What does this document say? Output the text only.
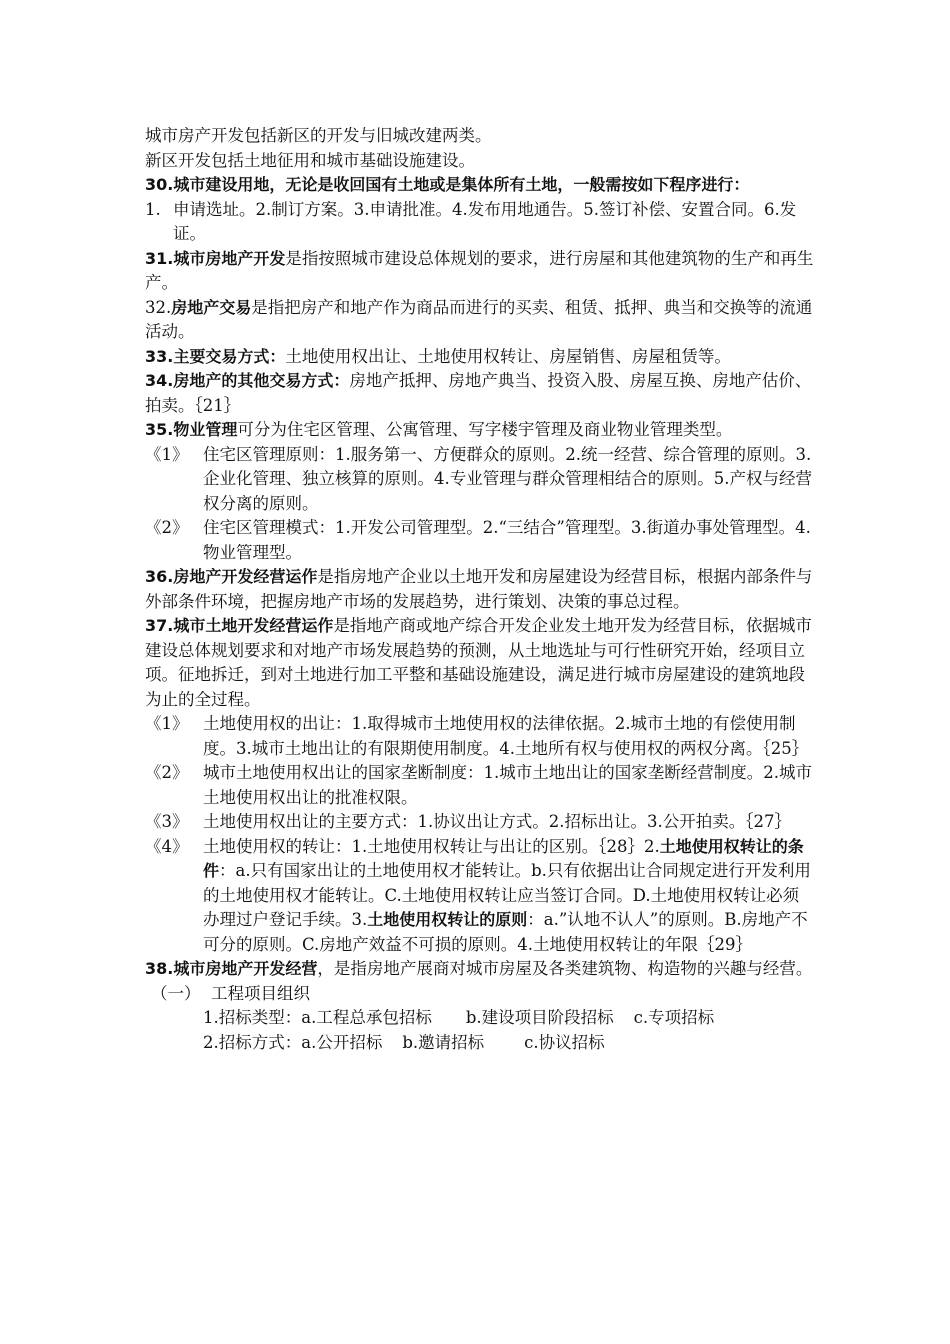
城市房产开发包括新区的开发与旧城改建两类。

新区开发包括土地征用和城市基础设施建设。

30.城市建设用地，无论是收回国有土地或是集体所有土地，一般需按如下程序进行：

1. 申请选址。2.制订方案。3.申请批准。4.发布用地通告。5.签订补偿、安置合同。6.发证。

31.城市房地产开发是指按照城市建设总体规划的要求，进行房屋和其他建筑物的生产和再生产。

32.房地产交易是指把房产和地产作为商品而进行的买卖、租赁、抵押、典当和交换等的流通活动。

33.主要交易方式：土地使用权出让、土地使用权转让、房屋销售、房屋租赁等。

34.房地产的其他交易方式：房地产抵押、房地产典当、投资入股、房屋互换、房地产估价、拍卖。｛21｝

35.物业管理可分为住宅区管理、公寓管理、写字楼宇管理及商业物业管理类型。

《1》 住宅区管理原则：1.服务第一、方便群众的原则。2.统一经营、综合管理的原则。3.企业化管理、独立核算的原则。4.专业管理与群众管理相结合的原则。5.产权与经营权分离的原则。
《2》 住宅区管理模式：1.开发公司管理型。2.“三结合”管理型。3.街道办事处管理型。4.物业管理型。

36.房地产开发经营运作是指房地产企业以土地开发和房屋建设为经营目标，根据内部条件与外部条件环境，把握房地产市场的发展趋势，进行策划、决策的事总过程。

37.城市土地开发经营运作是指地产商或地产综合开发企业发土地开发为经营目标，依据城市建设总体规划要求和对地产市场发展趋势的预测，从土地选址与可行性研究开始，经项目立项。征地拆迁，到对土地进行加工平整和基础设施建设，满足进行城市房屋建设的建筑地段为止的全过程。

《1》 土地使用权的出让：1.取得城市土地使用权的法律依据。2.城市土地的有偿使用制度。3.城市土地出让的有限期使用制度。4.土地所有权与使用权的两权分离。｛25｝
《2》 城市土地使用权出让的国家垄断制度：1.城市土地出让的国家垄断经营制度。2.城市土地使用权出让的批准权限。
《3》 土地使用权出让的主要方式：1.协议出让方式。2.招标出让。3.公开拍卖。｛27｝
《4》 土地使用权的转让：1.土地使用权转让与出让的区别。｛28｝2.土地使用权转让的条件：a.只有国家出让的土地使用权才能转让。b.只有依据出让合同规定进行开发利用的土地使用权才能转让。C.土地使用权转让应当签订合同。D.土地使用权转让必须办理过户登记手续。3.土地使用权转让的原则：a.”认地不认人”的原则。B.房地产不可分的原则。C.房地产效益不可损的原则。4.土地使用权转让的年限｛29｝

38.城市房地产开发经营，是指房地产展商对城市房屋及各类建筑物、构造物的兴趣与经营。

（一） 工程项目组织
1.招标类型：a.工程总承包招标 b.建设项目阶段招标 c.专项招标
2.招标方式：a.公开招标 b.邀请招标 c.协议招标
